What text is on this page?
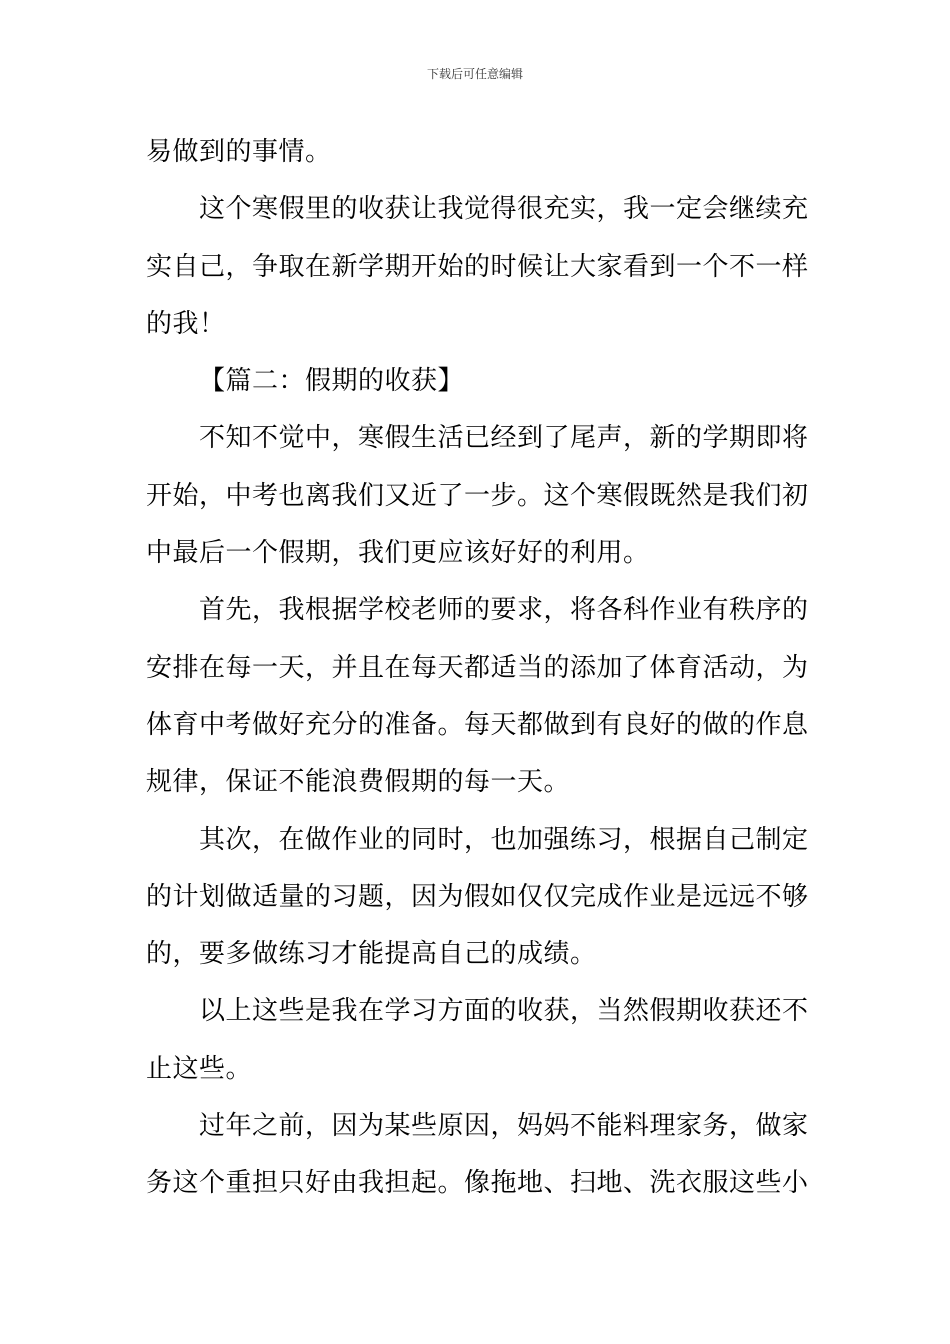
下载后可任意编辑
易做到的事情。
这个寒假里的收获让我觉得很充实，我一定会继续充
实自己，争取在新学期开始的时候让大家看到一个不一样
的我！
【篇二：假期的收获】
不知不觉中，寒假生活已经到了尾声，新的学期即将
开始，中考也离我们又近了一步。这个寒假既然是我们初
中最后一个假期，我们更应该好好的利用。
首先，我根据学校老师的要求，将各科作业有秩序的
安排在每一天，并且在每天都适当的添加了体育活动，为
体育中考做好充分的准备。每天都做到有良好的做的作息
规律，保证不能浪费假期的每一天。
其次，在做作业的同时，也加强练习，根据自己制定
的计划做适量的习题，因为假如仅仅完成作业是远远不够
的，要多做练习才能提高自己的成绩。
以上这些是我在学习方面的收获，当然假期收获还不
止这些。
过年之前，因为某些原因，妈妈不能料理家务，做家
务这个重担只好由我担起。像拖地、扫地、洗衣服这些小
